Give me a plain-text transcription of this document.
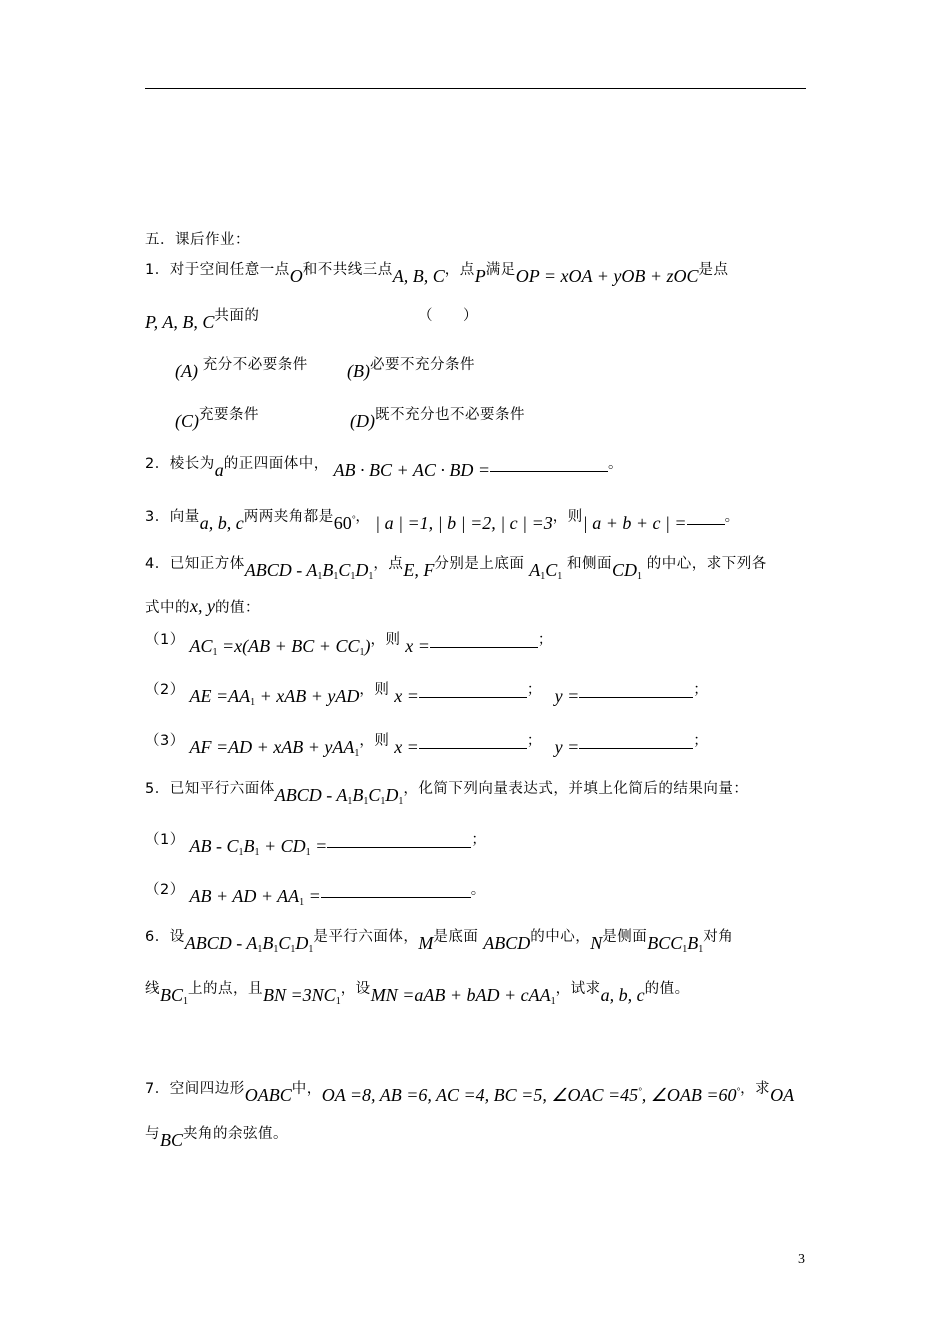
五．课后作业：
1．对于空间任意一点O和不共线三点A, B, C，点P满足OP = xOA + yOB + zOC是点
P, A, B, C共面的	（　　）
(A) 充分不必要条件 (B)必要不充分条件
(C)充要条件	(D)既不充分也不必要条件
2．棱长为a的正四面体中， AB · BC + AC · BD =	。
3．向量a, b, c两两夹角都是60°， | a | =1, | b | =2, | c | =3，则| a + b + c | =	。
4．已知正方体ABCD - $A_1B_1C_1D_1$，点E, F分别是上底面 $A_1C_1$ 和侧面$CD_1$ 的中心，求下列各
式中的x, y的值：
（1） $AC_1 =x(AB$ + BC + $CC_1$)，则 x =	；
（2） AE $=AA_1$ + xAB + yAD，则 x =	； y =	；
（3） AF =AD + xAB + yAA$_1$，则 x =	； y =	；
5．已知平行六面体ABCD - $A_1B_1C_1D_1$，化简下列向量表达式，并填上化简后的结果向量：
（1） AB - $C_1B_1 + CD_1$ =	；
（2） AB + AD + $AA_1$ =	。
6．设ABCD - $A_1B_1C_1D_1$是平行六面体，M是底面 ABCD的中心，N是侧面$BCC_1B_1$对角
线$BC_1$上的点，且BN $=3NC_1$，设MN =aAB + bAD + cAA$_1$，试求a, b, c的值。
7．空间四边形OABC中，OA =8, AB =6, AC =4, BC =5, ∠OAC =45°, ∠OAB =60°，求OA
与BC夹角的余弦值。
3
